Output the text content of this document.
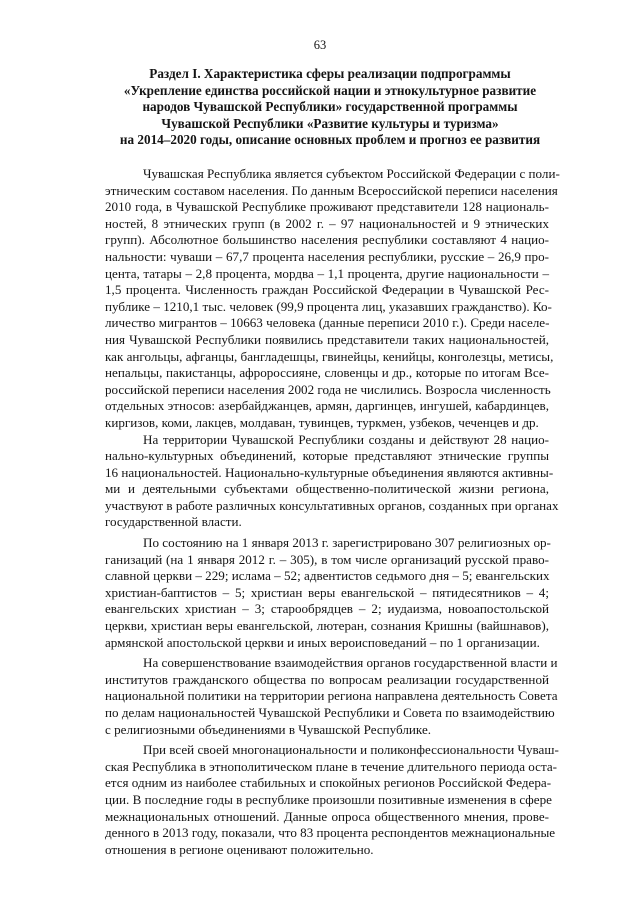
63
Раздел I. Характеристика сферы реализации подпрограммы
«Укрепление единства российской нации и этнокультурное развитие
народов Чувашской Республики» государственной программы
Чувашской Республики «Развитие культуры и туризма»
на 2014–2020 годы, описание основных проблем и прогноз ее развития

Чувашская Республика является субъектом Российской Федерации с поли-
этническим составом населения. По данным Всероссийской переписи населения
2010 года, в Чувашской Республике проживают представители 128 националь-
ностей, 8 этнических групп (в 2002 г. – 97 национальностей и 9 этнических
групп). Абсолютное большинство населения республики составляют 4 нацио-
нальности: чуваши – 67,7 процента населения республики, русские – 26,9 про-
цента, татары – 2,8 процента, мордва – 1,1 процента, другие национальности –
1,5 процента. Численность граждан Российской Федерации в Чувашской Рес-
публике – 1210,1 тыс. человек (99,9 процента лиц, указавших гражданство). Ко-
личество мигрантов – 10663 человека (данные переписи 2010 г.). Среди населе-
ния Чувашской Республики появились представители таких национальностей,
как ангольцы, афганцы, бангладешцы, гвинейцы, кенийцы, конголезцы, метисы,
непальцы, пакистанцы, афророссияне, словенцы и др., которые по итогам Все-
российской переписи населения 2002 года не числились. Возросла численность
отдельных этносов: азербайджанцев, армян, даргинцев, ингушей, кабардинцев,
киргизов, коми, лакцев, молдаван, тувинцев, туркмен, узбеков, чеченцев и др.

На территории Чувашской Республики созданы и действуют 28 нацио-
нально-культурных объединений, которые представляют этнические группы
16 национальностей. Национально-культурные объединения являются активны-
ми и деятельными субъектами общественно-политической жизни региона,
участвуют в работе различных консультативных органов, созданных при органах
государственной власти.

По состоянию на 1 января 2013 г. зарегистрировано 307 религиозных ор-
ганизаций (на 1 января 2012 г. – 305), в том числе организаций русской право-
славной церкви – 229; ислама – 52; адвентистов седьмого дня – 5; евангельских
христиан-баптистов – 5; христиан веры евангельской – пятидесятников – 4;
евангельских христиан – 3; старообрядцев – 2; иудаизма, новоапостольской
церкви, христиан веры евангельской, лютеран, сознания Кришны (вайшнавов),
армянской апостольской церкви и иных вероисповеданий – по 1 организации.

На совершенствование взаимодействия органов государственной власти и
институтов гражданского общества по вопросам реализации государственной
национальной политики на территории региона направлена деятельность Совета
по делам национальностей Чувашской Республики и Совета по взаимодействию
с религиозными объединениями в Чувашской Республике.

При всей своей многонациональности и поликонфессиональности Чуваш-
ская Республика в этнополитическом плане в течение длительного периода оста-
ется одним из наиболее стабильных и спокойных регионов Российской Федера-
ции. В последние годы в республике произошли позитивные изменения в сфере
межнациональных отношений. Данные опроса общественного мнения, прове-
денного в 2013 году, показали, что 83 процента респондентов межнациональные
отношения в регионе оценивают положительно.
